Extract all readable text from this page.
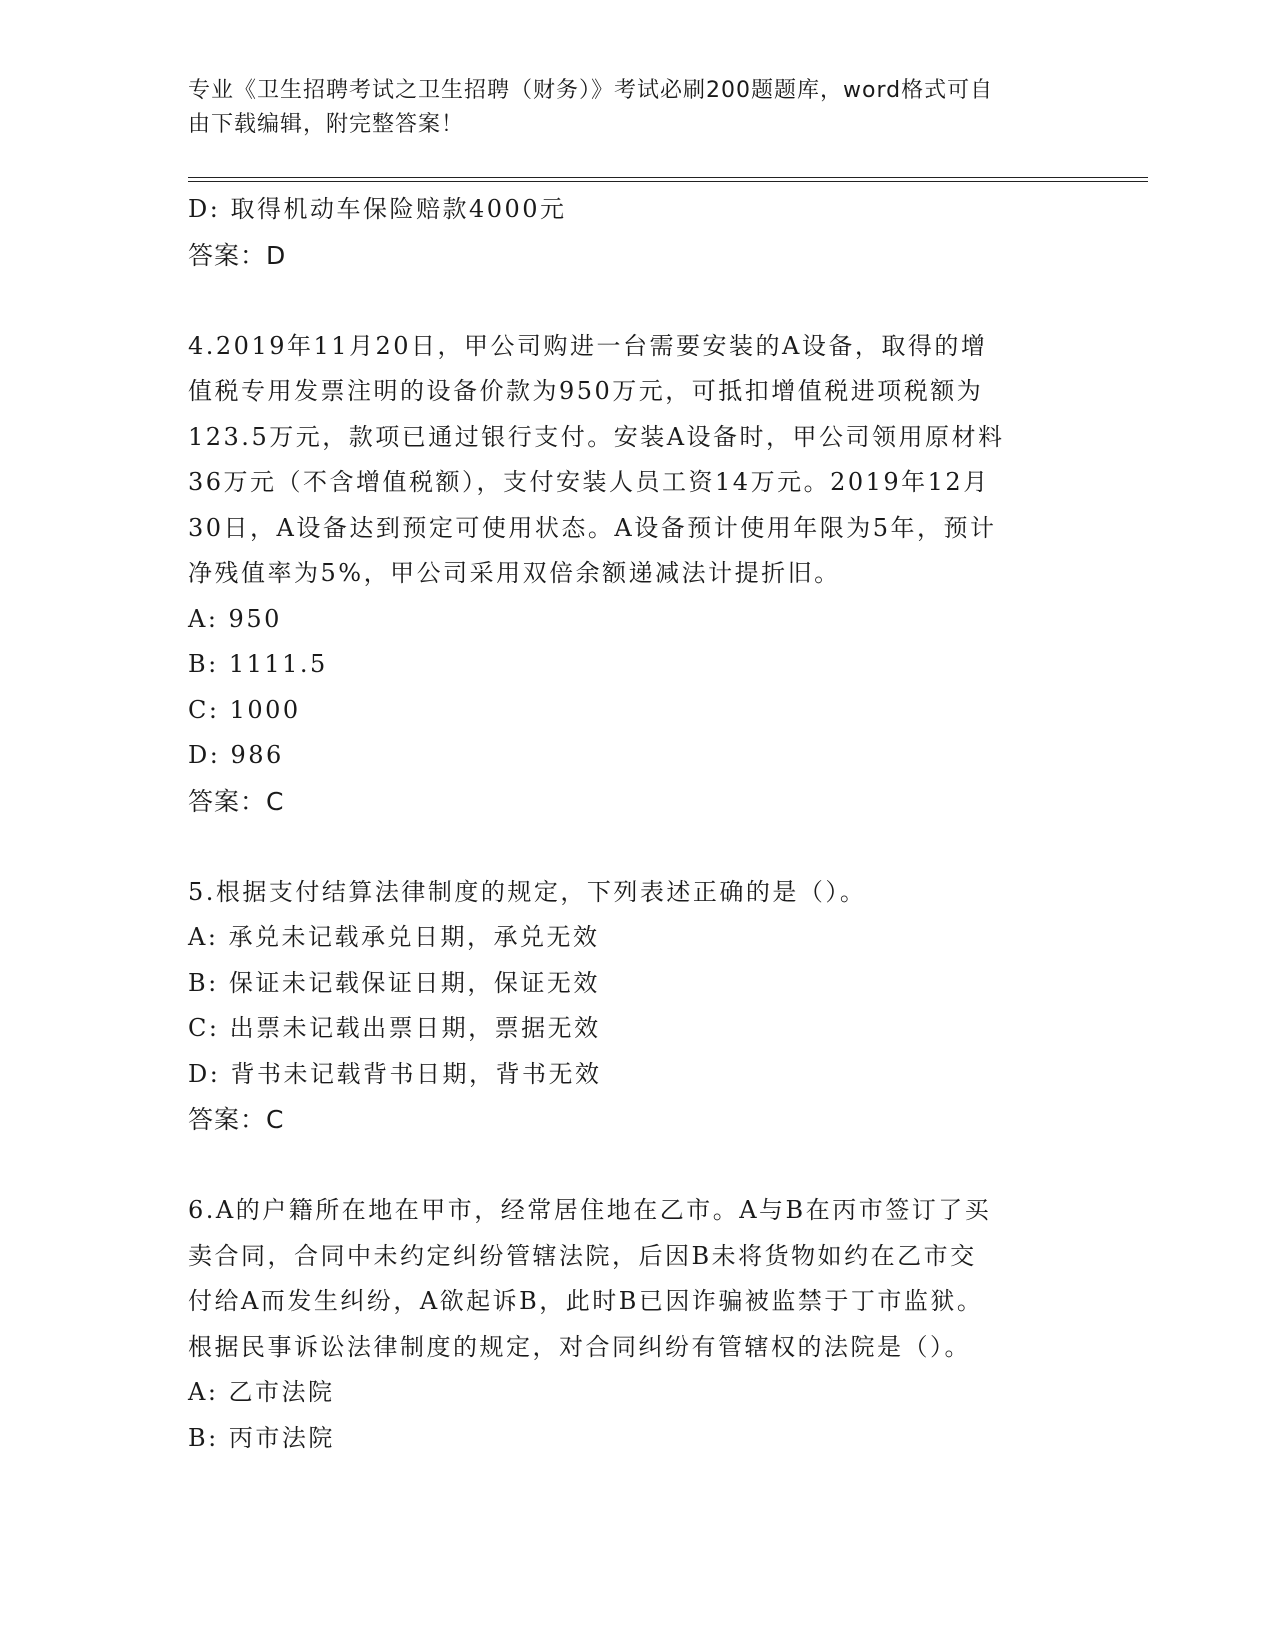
专业《卫生招聘考试之卫生招聘（财务）》考试必刷200题题库，word格式可自
由下载编辑，附完整答案！
D: 取得机动车保险赔款4000元
答案：D
4.2019年11月20日，甲公司购进一台需要安装的A设备，取得的增
值税专用发票注明的设备价款为950万元，可抵扣增值税进项税额为
123.5万元，款项已通过银行支付。安装A设备时，甲公司领用原材料
36万元（不含增值税额），支付安装人员工资14万元。2019年12月
30日，A设备达到预定可使用状态。A设备预计使用年限为5年，预计
净残值率为5%，甲公司采用双倍余额递减法计提折旧。
A: 950
B: 1111.5
C: 1000
D: 986
答案：C
5.根据支付结算法律制度的规定，下列表述正确的是（）。
A: 承兑未记载承兑日期，承兑无效
B: 保证未记载保证日期，保证无效
C: 出票未记载出票日期，票据无效
D: 背书未记载背书日期，背书无效
答案：C
6.A的户籍所在地在甲市，经常居住地在乙市。A与B在丙市签订了买
卖合同，合同中未约定纠纷管辖法院，后因B未将货物如约在乙市交
付给A而发生纠纷，A欲起诉B，此时B已因诈骗被监禁于丁市监狱。
根据民事诉讼法律制度的规定，对合同纠纷有管辖权的法院是（）。
A: 乙市法院
B: 丙市法院
